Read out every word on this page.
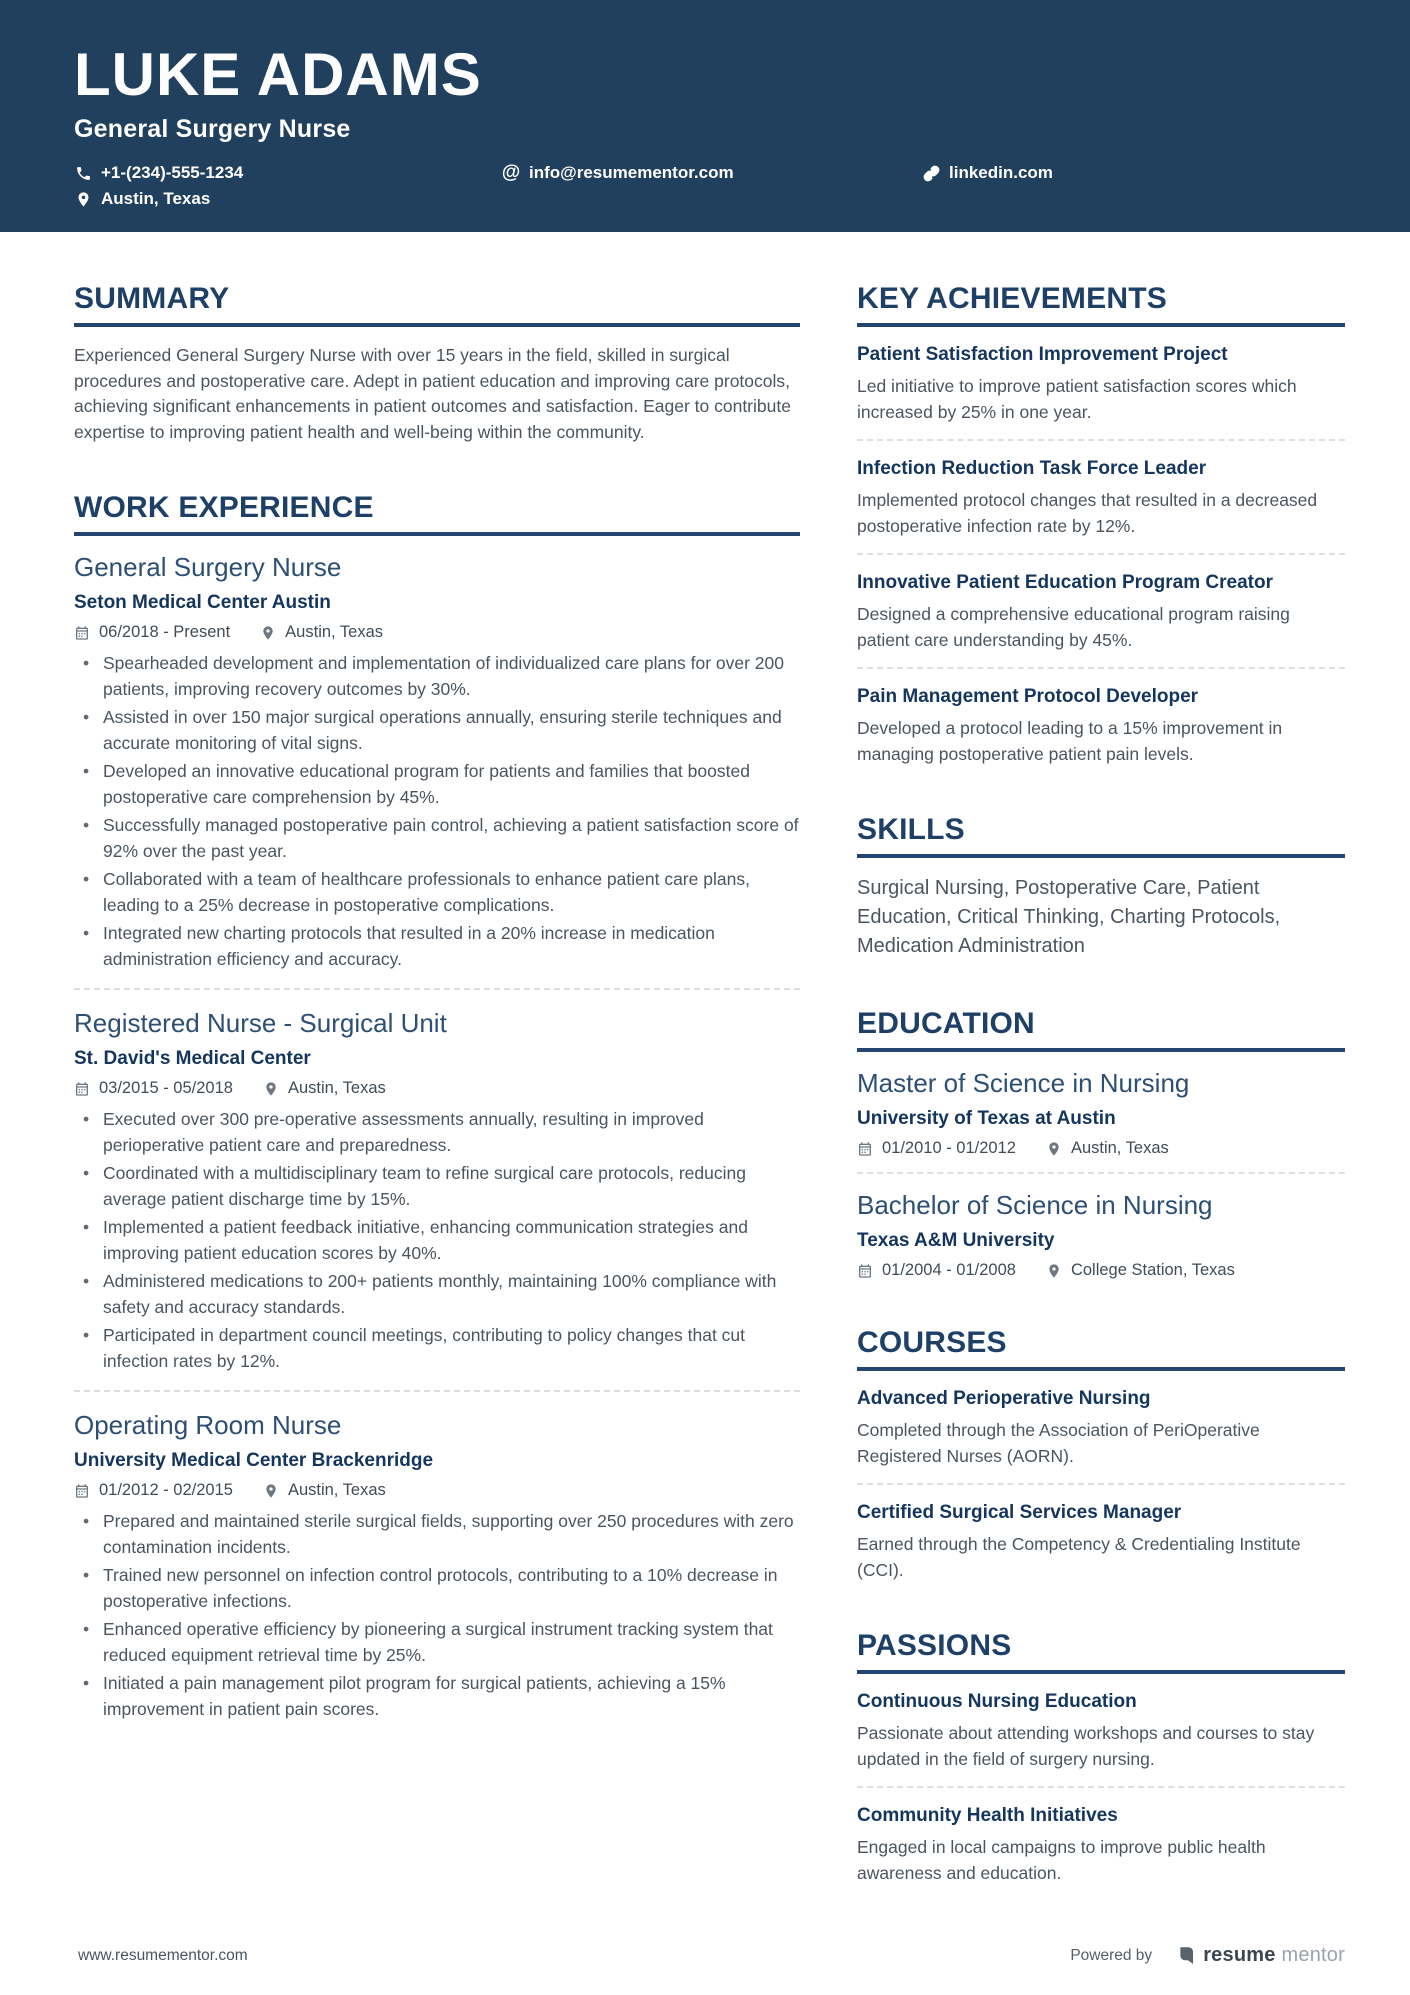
LUKE ADAMS
General Surgery Nurse
+1-(234)-555-1234	@ info@resumementor.com	linkedin.com
Austin, Texas
SUMMARY

Experienced General Surgery Nurse with over 15 years in the field, skilled in surgical procedures and postoperative care. Adept in patient education and improving care protocols, achieving significant enhancements in patient outcomes and satisfaction. Eager to contribute expertise to improving patient health and well-being within the community.

WORK EXPERIENCE
General Surgery Nurse
Seton Medical Center Austin
06/2018 - Present	Austin, Texas
• Spearheaded development and implementation of individualized care plans for over 200 patients, improving recovery outcomes by 30%.
• Assisted in over 150 major surgical operations annually, ensuring sterile techniques and accurate monitoring of vital signs.
• Developed an innovative educational program for patients and families that boosted postoperative care comprehension by 45%.
• Successfully managed postoperative pain control, achieving a patient satisfaction score of 92% over the past year.
• Collaborated with a team of healthcare professionals to enhance patient care plans, leading to a 25% decrease in postoperative complications.
• Integrated new charting protocols that resulted in a 20% increase in medication administration efficiency and accuracy.
Registered Nurse - Surgical Unit
St. David's Medical Center
03/2015 - 05/2018	Austin, Texas
• Executed over 300 pre-operative assessments annually, resulting in improved perioperative patient care and preparedness.
• Coordinated with a multidisciplinary team to refine surgical care protocols, reducing average patient discharge time by 15%.
• Implemented a patient feedback initiative, enhancing communication strategies and improving patient education scores by 40%.
• Administered medications to 200+ patients monthly, maintaining 100% compliance with safety and accuracy standards.
• Participated in department council meetings, contributing to policy changes that cut infection rates by 12%.
Operating Room Nurse
University Medical Center Brackenridge
01/2012 - 02/2015	Austin, Texas
• Prepared and maintained sterile surgical fields, supporting over 250 procedures with zero contamination incidents.
• Trained new personnel on infection control protocols, contributing to a 10% decrease in postoperative infections.
• Enhanced operative efficiency by pioneering a surgical instrument tracking system that reduced equipment retrieval time by 25%.
• Initiated a pain management pilot program for surgical patients, achieving a 15% improvement in patient pain scores.
KEY ACHIEVEMENTS
Patient Satisfaction Improvement Project

Led initiative to improve patient satisfaction scores which increased by 25% in one year.

Infection Reduction Task Force Leader

Implemented protocol changes that resulted in a decreased postoperative infection rate by 12%.

Innovative Patient Education Program Creator

Designed a comprehensive educational program raising patient care understanding by 45%.

Pain Management Protocol Developer

Developed a protocol leading to a 15% improvement in managing postoperative patient pain levels.

SKILLS

Surgical Nursing, Postoperative Care, Patient Education, Critical Thinking, Charting Protocols, Medication Administration

EDUCATION
Master of Science in Nursing
University of Texas at Austin
01/2010 - 01/2012	Austin, Texas
Bachelor of Science in Nursing
Texas A&M University
01/2004 - 01/2008	College Station, Texas
COURSES
Advanced Perioperative Nursing

Completed through the Association of PeriOperative Registered Nurses (AORN).

Certified Surgical Services Manager

Earned through the Competency & Credentialing Institute (CCI).

PASSIONS
Continuous Nursing Education

Passionate about attending workshops and courses to stay updated in the field of surgery nursing.

Community Health Initiatives

Engaged in local campaigns to improve public health awareness and education.

www.resumementor.com	Powered by	resume mentor
